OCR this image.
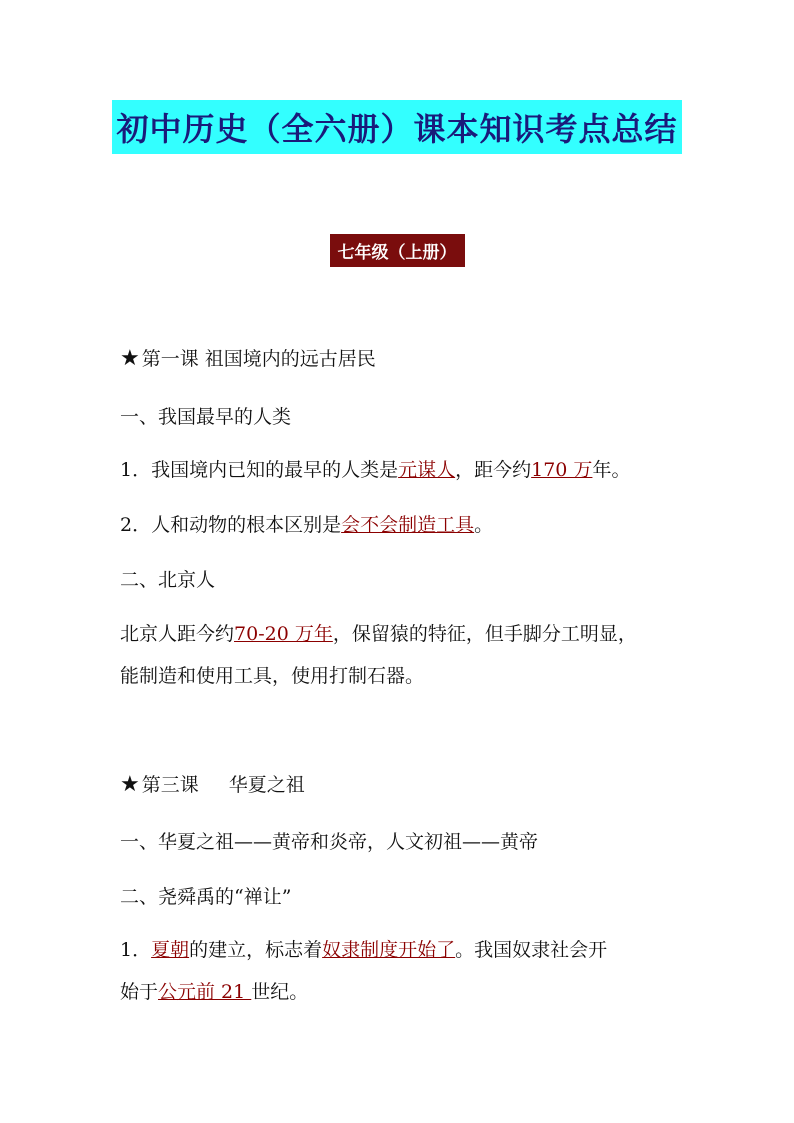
初中历史（全六册）课本知识考点总结
七年级（上册）
★ 第一课 祖国境内的远古居民
一、我国最早的人类
1．我国境内已知的最早的人类是元谋人，距今约170 万年。
2．人和动物的根本区别是会不会制造工具。
二、北京人
北京人距今约70-20 万年，保留猿的特征，但手脚分工明显，
能制造和使用工具，使用打制石器。
★ 第三课 华夏之祖
一、华夏之祖——黄帝和炎帝，人文初祖——黄帝
二、尧舜禹的“禅让”
1．夏朝的建立，标志着奴隶制度开始了。我国奴隶社会开
始于公元前 21 世纪。
